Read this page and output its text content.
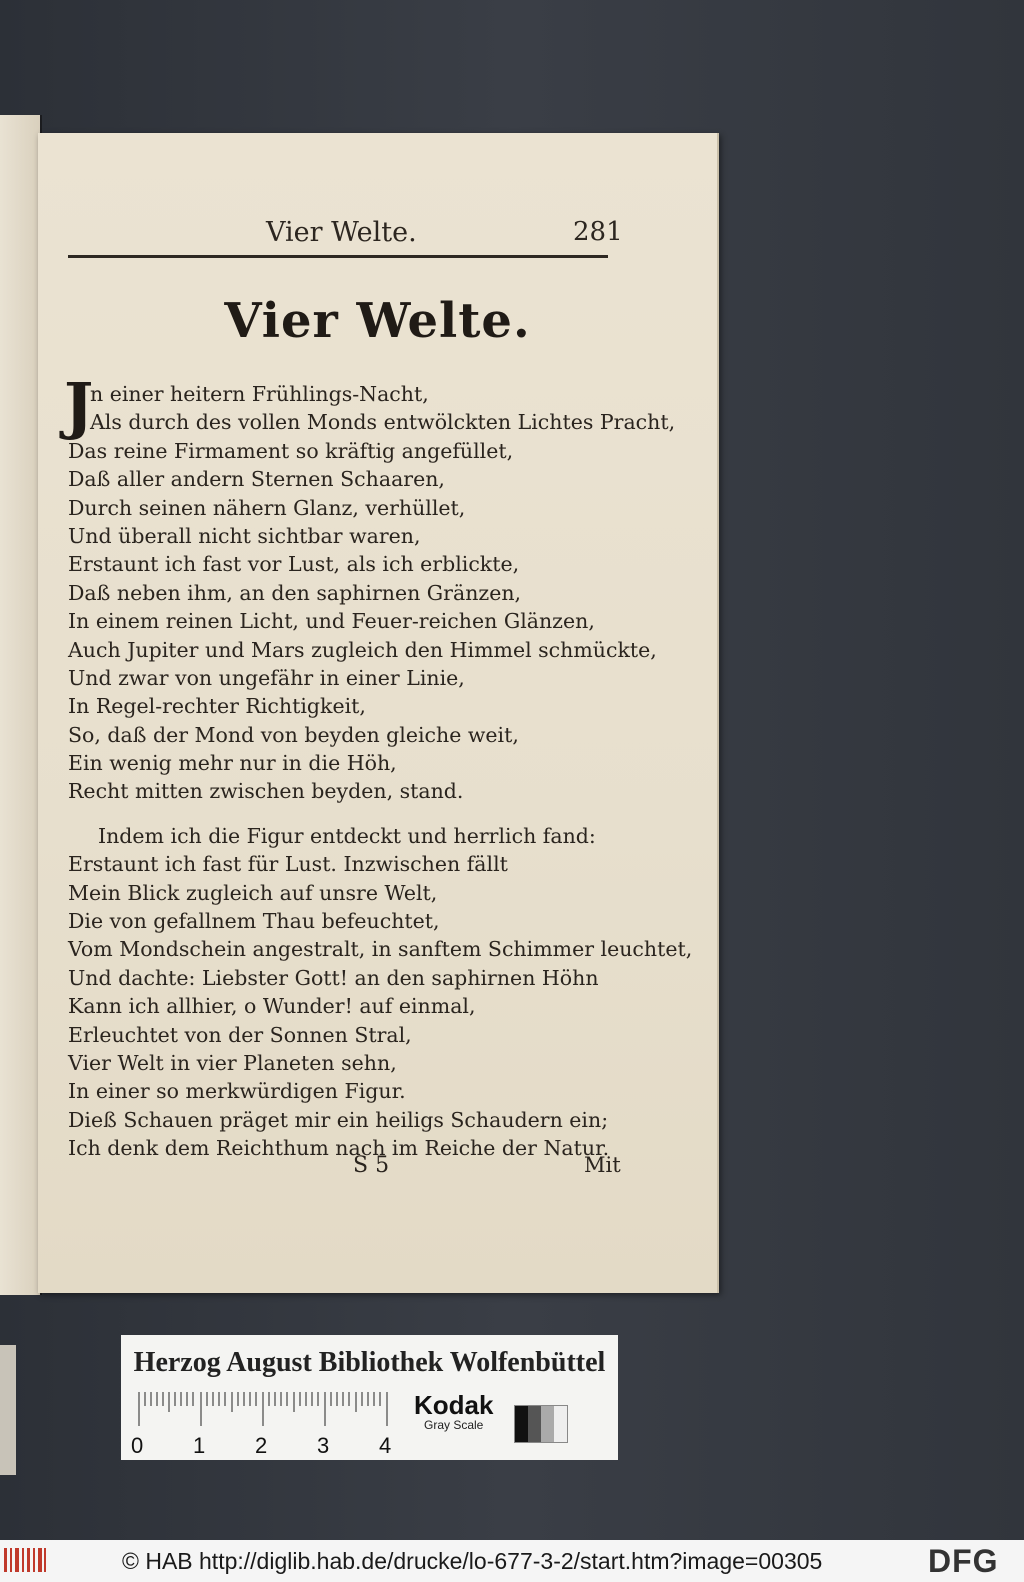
Vier Welte.	281
Vier Welte.
J
n einer heitern Frühlings-Nacht,
Als durch des vollen Monds entwölckten Lichtes Pracht,
Das reine Firmament so kräftig angefüllet,
Daß aller andern Sternen Schaaren,
Durch seinen nähern Glanz, verhüllet,
Und überall nicht sichtbar waren,
Erstaunt ich fast vor Lust, als ich erblickte,
Daß neben ihm, an den saphirnen Gränzen,
In einem reinen Licht, und Feuer-reichen Glänzen,
Auch Jupiter und Mars zugleich den Himmel schmückte,
Und zwar von ungefähr in einer Linie,
In Regel-rechter Richtigkeit,
So, daß der Mond von beyden gleiche weit,
Ein wenig mehr nur in die Höh,
Recht mitten zwischen beyden, stand.
Indem ich die Figur entdeckt und herrlich fand:
Erstaunt ich fast für Lust. Inzwischen fällt
Mein Blick zugleich auf unsre Welt,
Die von gefallnem Thau befeuchtet,
Vom Mondschein angestralt, in sanftem Schimmer leuchtet,
Und dachte: Liebster Gott! an den saphirnen Höhn
Kann ich allhier, o Wunder! auf einmal,
Erleuchtet von der Sonnen Stral,
Vier Welt in vier Planeten sehn,
In einer so merkwürdigen Figur.
Dieß Schauen präget mir ein heiligs Schaudern ein;
Ich denk dem Reichthum nach im Reiche der Natur.
S 5	Mit
Herzog August Bibliothek Wolfenbüttel
0 1 2 3 4
Kodak
Gray Scale
© HAB http://diglib.hab.de/drucke/lo-677-3-2/start.htm?image=00305	DFG
